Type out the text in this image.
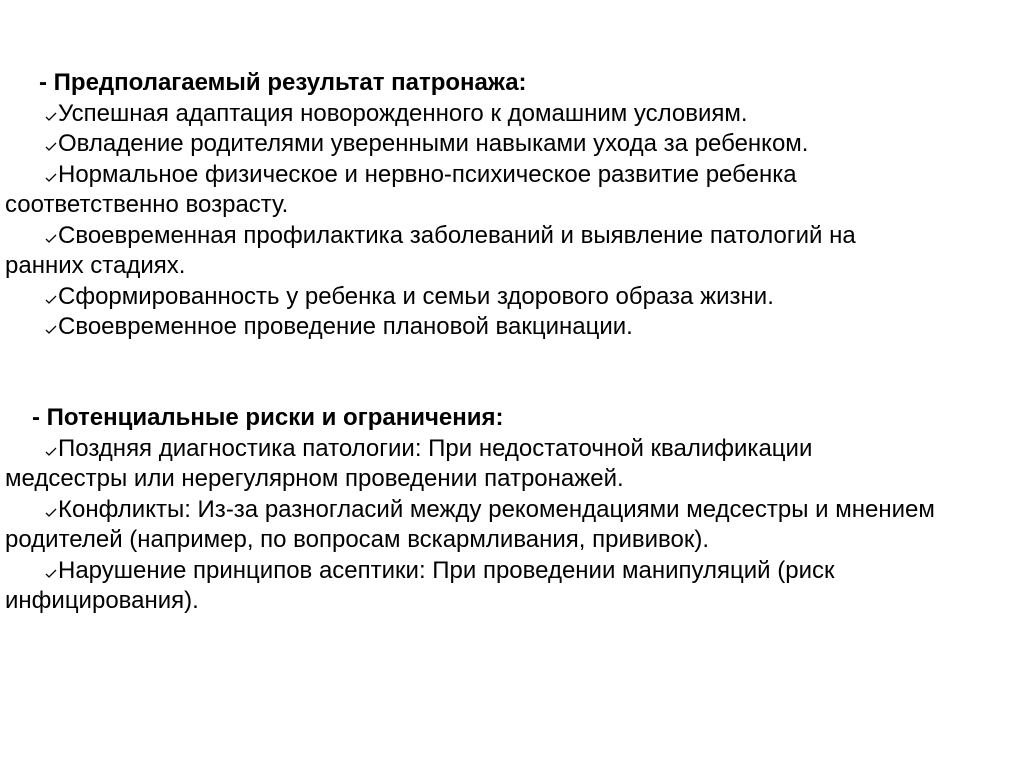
- Предполагаемый результат патронажа:

Успешная адаптация новорожденного к домашним условиям.
Овладение родителями уверенными навыками ухода за ребенком.
Нормальное физическое и нервно-психическое развитие ребенка
соответственно возрасту.
Своевременная профилактика заболеваний и выявление патологий на
ранних стадиях.
Сформированность у ребенка и семьи здорового образа жизни.
Своевременное проведение плановой вакцинации.

- Потенциальные риски и ограничения:

Поздняя диагностика патологии: При недостаточной квалификации
медсестры или нерегулярном проведении патронажей.
Конфликты: Из-за разногласий между рекомендациями медсестры и мнением
родителей (например, по вопросам вскармливания, прививок).
Нарушение принципов асептики: При проведении манипуляций (риск
инфицирования).
